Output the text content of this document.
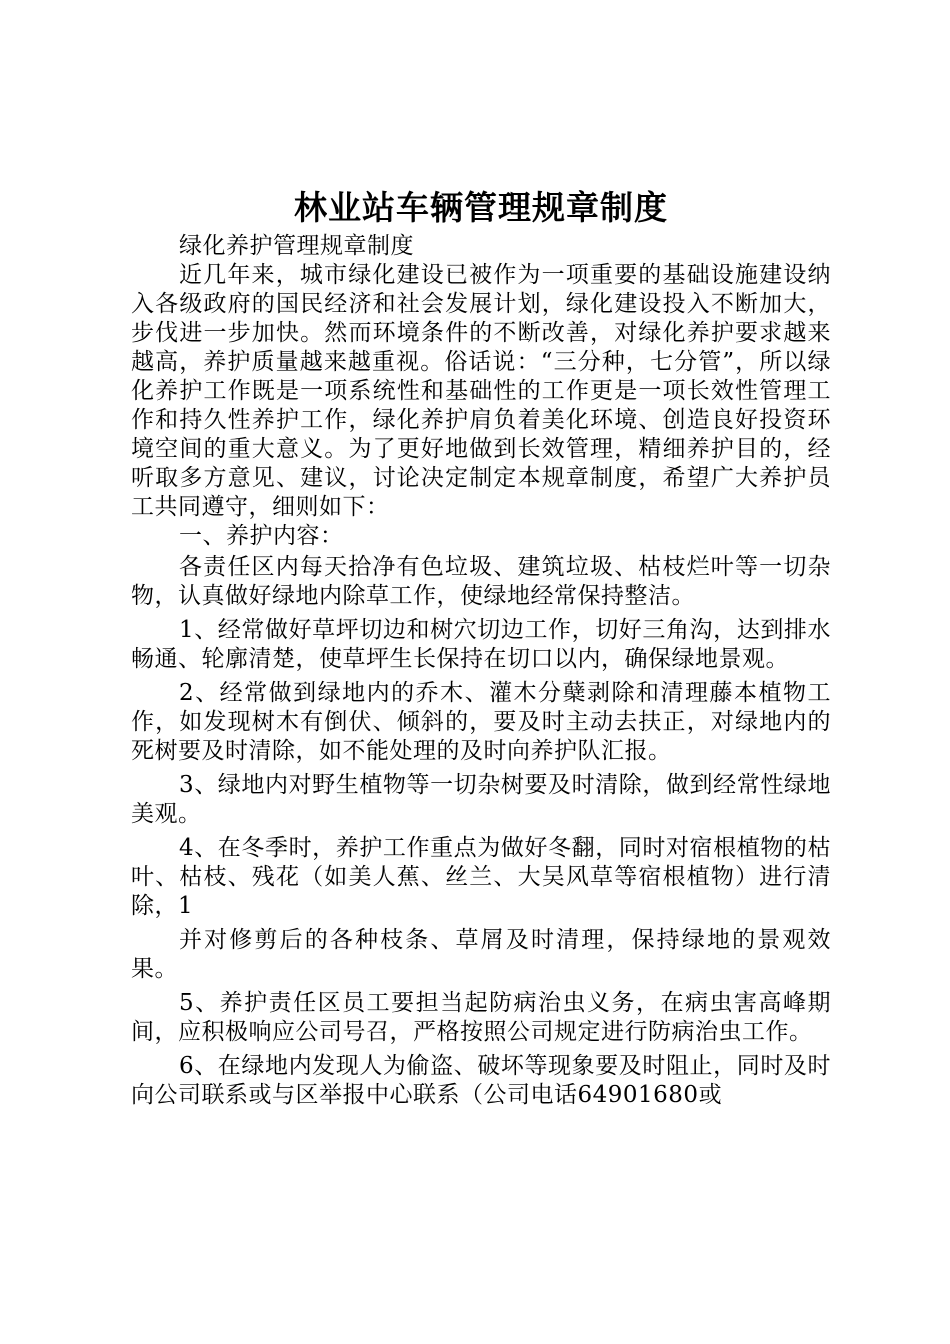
林业站车辆管理规章制度

绿化养护管理规章制度

近几年来，城市绿化建设已被作为一项重要的基础设施建设纳入各级政府的国民经济和社会发展计划，绿化建设投入不断加大，步伐进一步加快。然而环境条件的不断改善，对绿化养护要求越来越高，养护质量越来越重视。俗话说：“三分种，七分管”，所以绿化养护工作既是一项系统性和基础性的工作更是一项长效性管理工作和持久性养护工作，绿化养护肩负着美化环境、创造良好投资环境空间的重大意义。为了更好地做到长效管理，精细养护目的，经听取多方意见、建议，讨论决定制定本规章制度，希望广大养护员工共同遵守，细则如下：

一、养护内容：

各责任区内每天拾净有色垃圾、建筑垃圾、枯枝烂叶等一切杂物，认真做好绿地内除草工作，使绿地经常保持整洁。

1、经常做好草坪切边和树穴切边工作，切好三角沟，达到排水畅通、轮廓清楚，使草坪生长保持在切口以内，确保绿地景观。

2、经常做到绿地内的乔木、灌木分蘖剥除和清理藤本植物工作，如发现树木有倒伏、倾斜的，要及时主动去扶正，对绿地内的死树要及时清除，如不能处理的及时向养护队汇报。

3、绿地内对野生植物等一切杂树要及时清除，做到经常性绿地美观。

4、在冬季时，养护工作重点为做好冬翻，同时对宿根植物的枯叶、枯枝、残花（如美人蕉、丝兰、大吴风草等宿根植物）进行清除，1

并对修剪后的各种枝条、草屑及时清理，保持绿地的景观效果。

5、养护责任区员工要担当起防病治虫义务，在病虫害高峰期间，应积极响应公司号召，严格按照公司规定进行防病治虫工作。

6、在绿地内发现人为偷盗、破坏等现象要及时阻止，同时及时向公司联系或与区举报中心联系（公司电话64901680或
